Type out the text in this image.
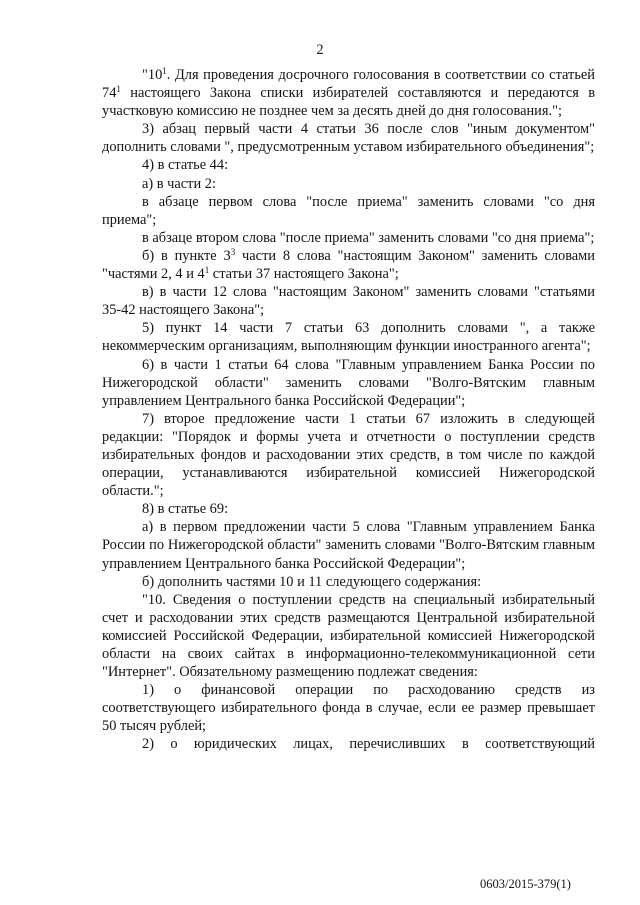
2

"$10^1$. Для проведения досрочного голосования в соответствии со статьей $74^1$ настоящего Закона списки избирателей составляются и передаются в участковую комиссию не позднее чем за десять дней до дня голосования.";

3) абзац первый части 4 статьи 36 после слов "иным документом" дополнить словами ", предусмотренным уставом избирательного объединения";

4) в статье 44:

а) в части 2:

в абзаце первом слова "после приема" заменить словами "со дня приема";

в абзаце втором слова "после приема" заменить словами "со дня приема";

б) в пункте $3^3$ части 8 слова "настоящим Законом" заменить словами "частями 2, 4 и $4^1$ статьи 37 настоящего Закона";

в) в части 12 слова "настоящим Законом" заменить словами "статьями 35-42 настоящего Закона";

5) пункт 14 части 7 статьи 63 дополнить словами ", а также некоммерческим организациям, выполняющим функции иностранного агента";

6) в части 1 статьи 64 слова "Главным управлением Банка России по Нижегородской области" заменить словами "Волго-Вятским главным управлением Центрального банка Российской Федерации";

7) второе предложение части 1 статьи 67 изложить в следующей редакции: "Порядок и формы учета и отчетности о поступлении средств избирательных фондов и расходовании этих средств, в том числе по каждой операции, устанавливаются избирательной комиссией Нижегородской области.";

8) в статье 69:

а) в первом предложении части 5 слова "Главным управлением Банка России по Нижегородской области" заменить словами "Волго-Вятским главным управлением Центрального банка Российской Федерации";

б) дополнить частями 10 и 11 следующего содержания:

"10. Сведения о поступлении средств на специальный избирательный счет и расходовании этих средств размещаются Центральной избирательной комиссией Российской Федерации, избирательной комиссией Нижегородской области на своих сайтах в информационно-телекоммуникационной сети "Интернет". Обязательному размещению подлежат сведения:

1) о финансовой операции по расходованию средств из соответствующего избирательного фонда в случае, если ее размер превышает 50 тысяч рублей;

2) о юридических лицах, перечисливших в соответствующий

0603/2015-379(1)
